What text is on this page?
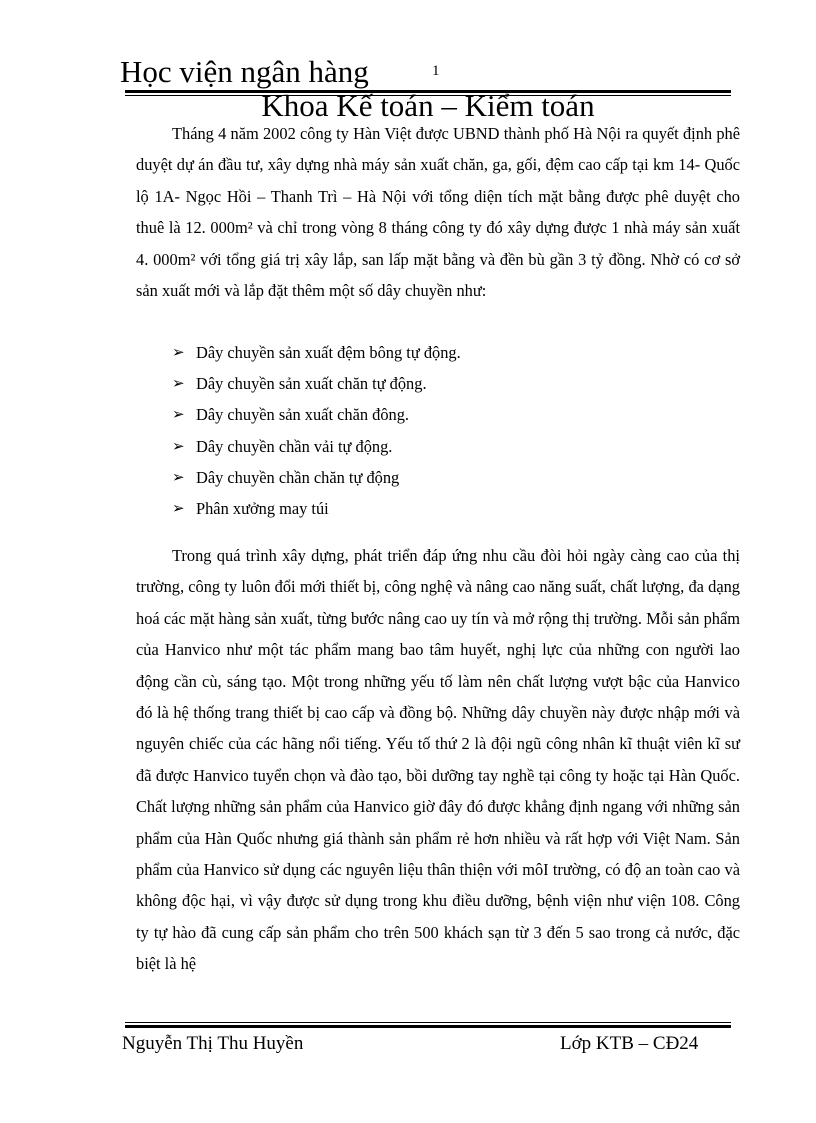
Học viện ngân hàng	1
Khoa Kế toán – Kiểm toán

Tháng 4 năm 2002 công ty Hàn Việt được UBND thành phố Hà Nội ra quyết định phê duyệt dự án đầu tư, xây dựng nhà máy sản xuất chăn, ga, gối, đệm cao cấp tại km 14- Quốc lộ 1A- Ngọc Hồi – Thanh Trì – Hà Nội với tổng diện tích mặt bằng được phê duyệt cho thuê là 12. 000m² và chỉ trong vòng 8 tháng công ty đó xây dựng được 1 nhà máy sản xuất 4. 000m² với tổng giá trị xây lắp, san lấp mặt bằng và đền bù gần 3 tỷ đồng. Nhờ có cơ sở sản xuất mới và lắp đặt thêm một số dây chuyền như:

➢ Dây chuyền sản xuất đệm bông tự động.
➢ Dây chuyền sản xuất chăn tự động.
➢ Dây chuyền sản xuất chăn đông.
➢ Dây chuyền chần vải tự động.
➢ Dây chuyền chần chăn tự động
➢ Phân xưởng may túi

Trong quá trình xây dựng, phát triển đáp ứng nhu cầu đòi hỏi ngày càng cao của thị trường, công ty luôn đổi mới thiết bị, công nghệ và nâng cao năng suất, chất lượng, đa dạng hoá các mặt hàng sản xuất, từng bước nâng cao uy tín và mở rộng thị trường. Mỗi sản phẩm của Hanvico như một tác phẩm mang bao tâm huyết, nghị lực của những con người lao động cần cù, sáng tạo. Một trong những yếu tố làm nên chất lượng vượt bậc của Hanvico đó là hệ thống trang thiết bị cao cấp và đồng bộ. Những dây chuyền này được nhập mới và nguyên chiếc của các hãng nổi tiếng. Yếu tố thứ 2 là đội ngũ công nhân kĩ thuật viên kĩ sư đã được Hanvico tuyển chọn và đào tạo, bồi dưỡng tay nghề tại công ty hoặc tại Hàn Quốc. Chất lượng những sản phẩm của Hanvico giờ đây đó được khẳng định ngang với những sản phẩm của Hàn Quốc nhưng giá thành sản phẩm rẻ hơn nhiều và rất hợp với Việt Nam. Sản phẩm của Hanvico sử dụng các nguyên liệu thân thiện với môI trường, có độ an toàn cao và không độc hại, vì vậy được sử dụng trong khu điều dưỡng, bệnh viện như viện 108. Công ty tự hào đã cung cấp sản phẩm cho trên 500 khách sạn từ 3 đến 5 sao trong cả nước, đặc biệt là hệ

Nguyễn Thị Thu Huyền	Lớp KTB – CĐ24
